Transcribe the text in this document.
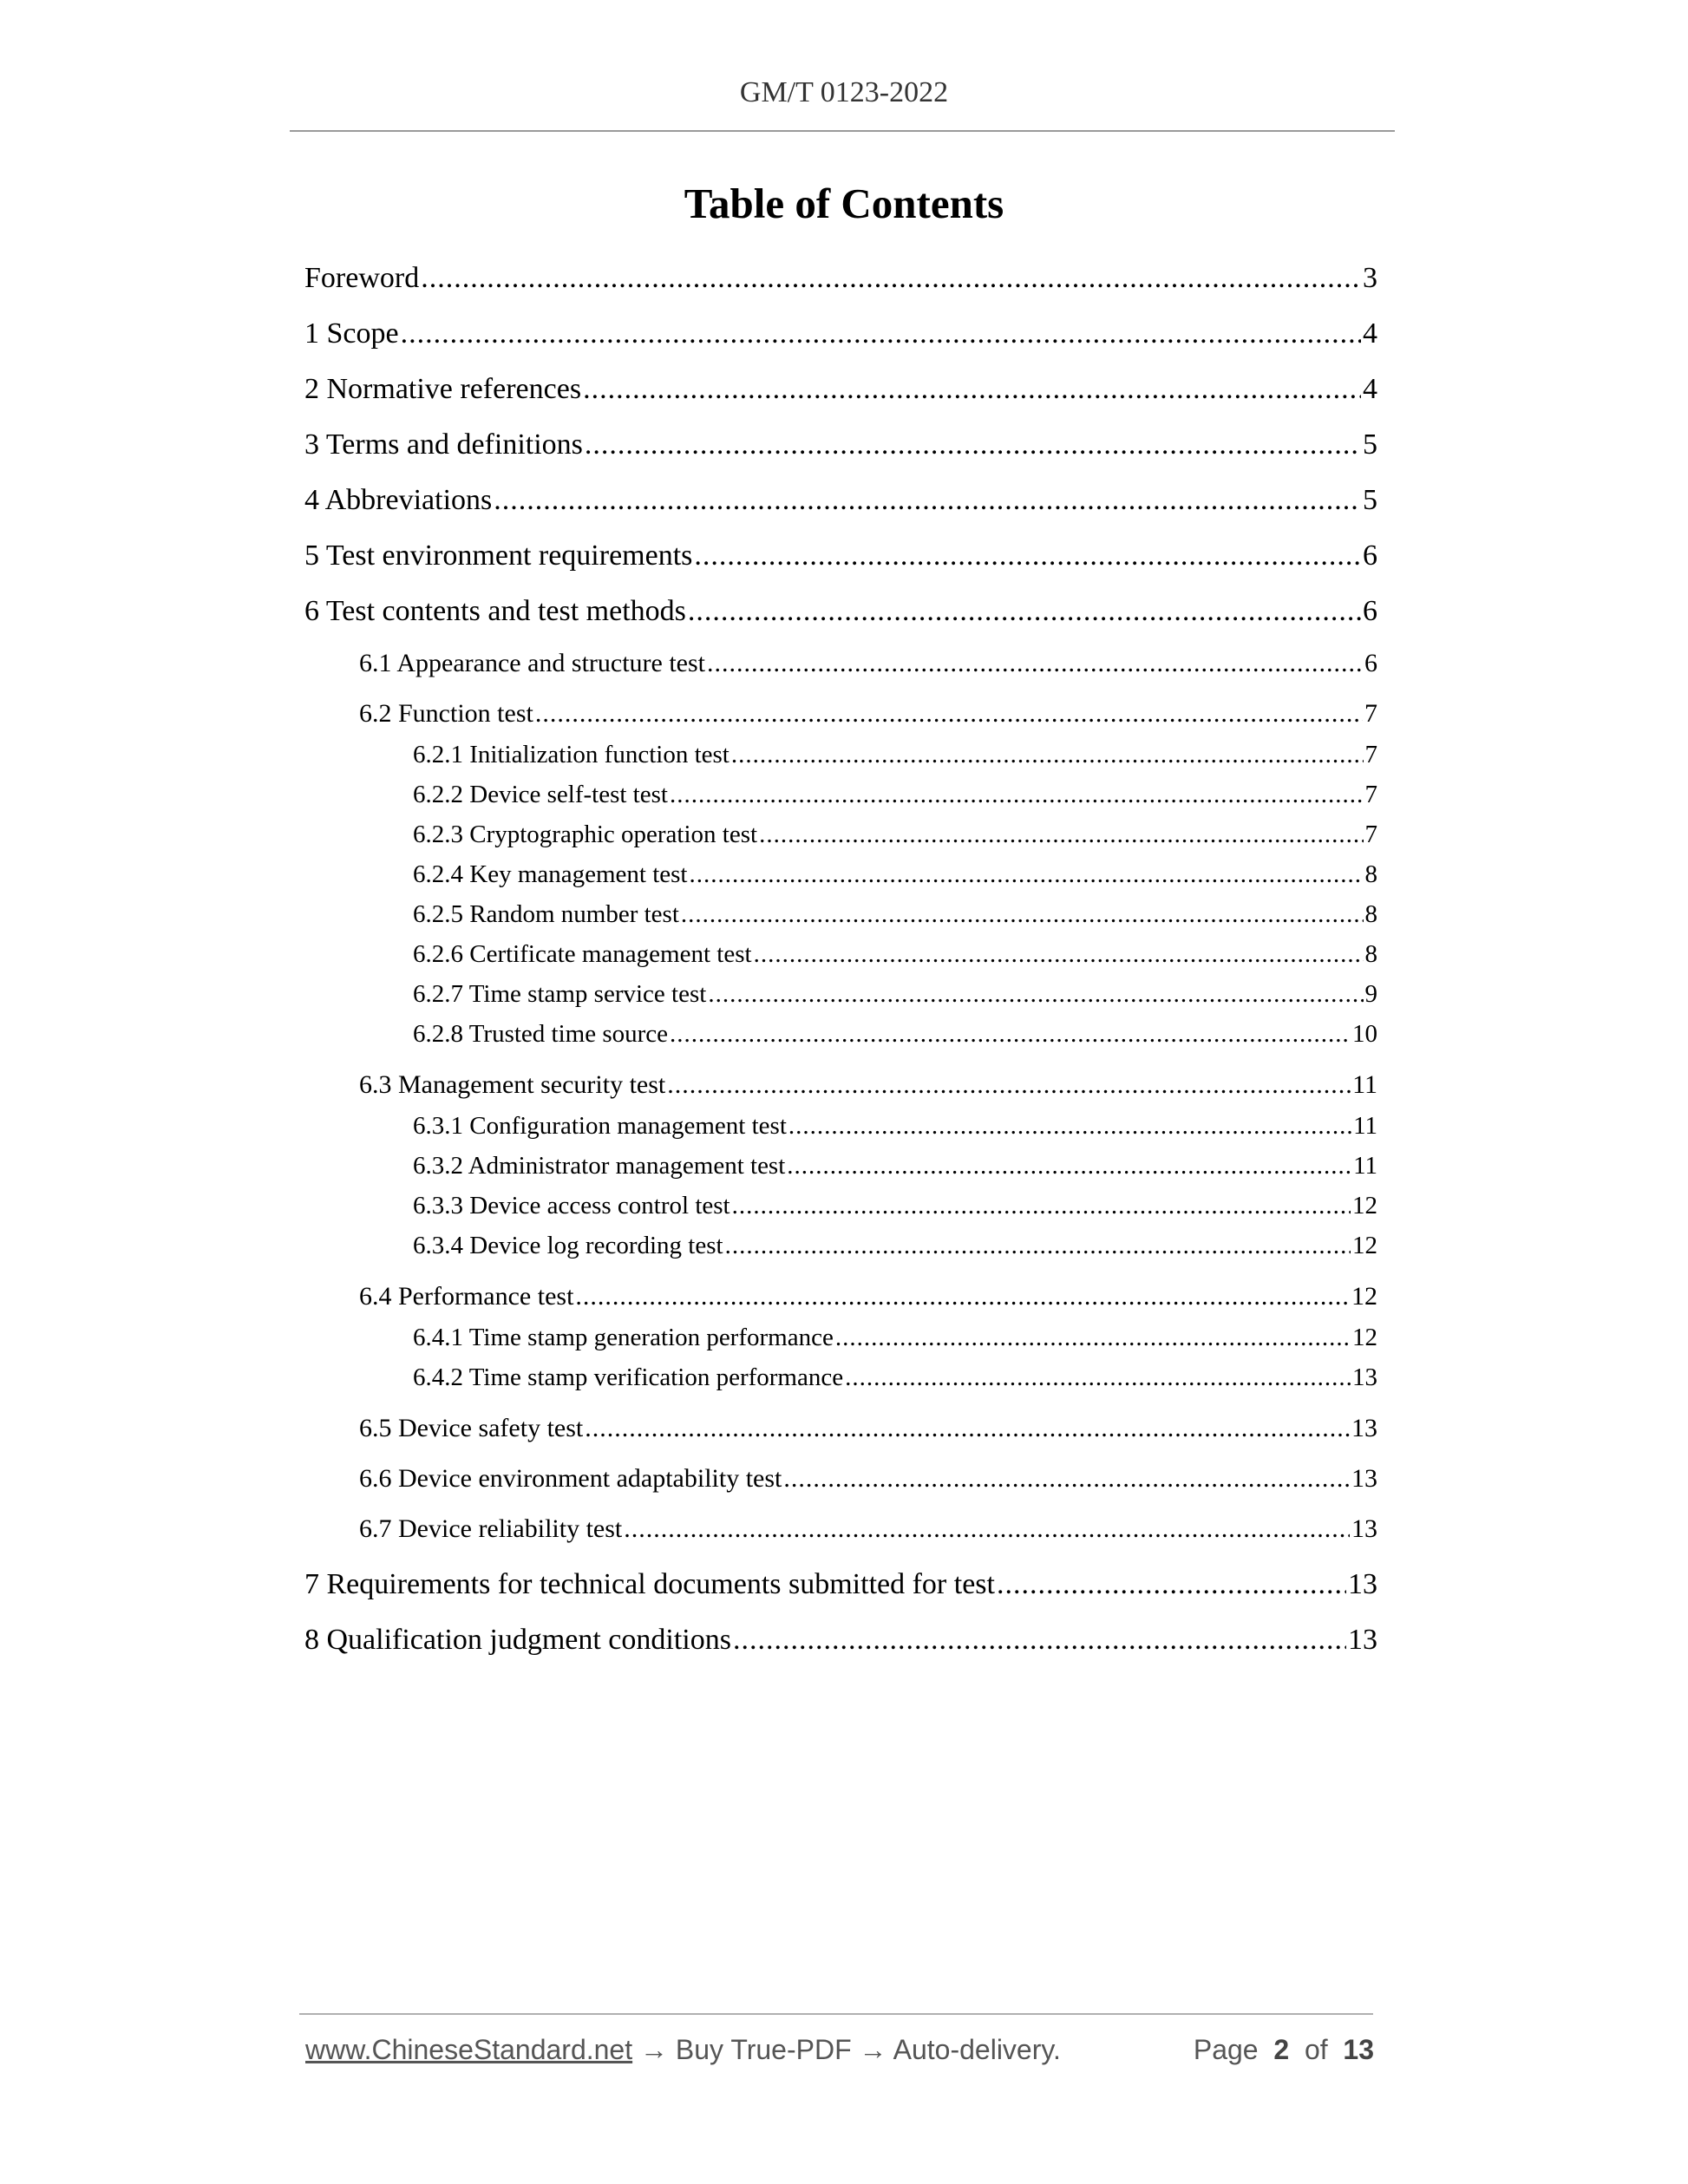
GM/T 0123-2022
Table of Contents
Foreword .....	3
1 Scope .....	4
2 Normative references .....	4
3 Terms and definitions .....	5
4 Abbreviations .....	5
5 Test environment requirements .....	6
6 Test contents and test methods .....	6
6.1 Appearance and structure test .....	6
6.2 Function test .....	7
6.2.1 Initialization function test .....	7
6.2.2 Device self-test test .....	7
6.2.3 Cryptographic operation test .....	7
6.2.4 Key management test .....	8
6.2.5 Random number test .....	8
6.2.6 Certificate management test .....	8
6.2.7 Time stamp service test .....	9
6.2.8 Trusted time source .....	10
6.3 Management security test .....	11
6.3.1 Configuration management test .....	11
6.3.2 Administrator management test .....	11
6.3.3 Device access control test .....	12
6.3.4 Device log recording test .....	12
6.4 Performance test .....	12
6.4.1 Time stamp generation performance .....	12
6.4.2 Time stamp verification performance .....	13
6.5 Device safety test .....	13
6.6 Device environment adaptability test .....	13
6.7 Device reliability test .....	13
7 Requirements for technical documents submitted for test .....	13
8 Qualification judgment conditions .....	13
www.ChineseStandard.net → Buy True-PDF → Auto-delivery.	Page 2 of 13
